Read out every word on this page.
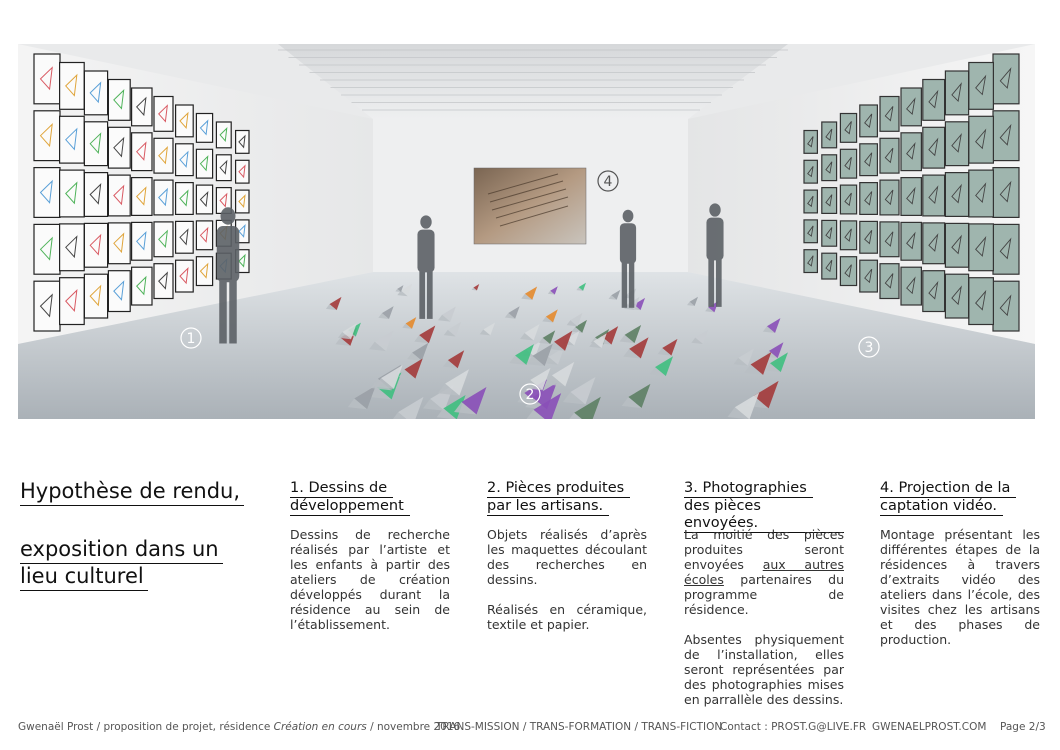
1
2
3
4
Hypothèse de rendu,
exposition dans un
lieu culturel
1. Dessins de
développement

Dessins de recherche réalisés par l’artiste et les enfants à partir des ateliers de création développés durant la résidence au sein de l’établissement.

2. Pièces produites
par les artisans.

Objets réalisés d’après les maquettes découlant des recherches en dessins.

Réalisés en céramique, textile et papier.

3. Photographies
des pièces envoyées.

La moitié des pièces produites seront envoyées aux autres écoles partenaires du programme de résidence.

Absentes physiquement de l’installation, elles seront représentées par des photographies mises en parrallèle des dessins.

4. Projection de la
captation vidéo.

Montage présentant les différentes étapes de la résidences à travers d’extraits vidéo des ateliers dans l’école, des visites chez les artisans et des phases de production.

Gwenaël Prost / proposition de projet, résidence Création en cours / novembre 2016
TRANS-MISSION / TRANS-FORMATION / TRANS-FICTION
Contact : PROST.G@LIVE.FR GWENAELPROST.COM Page 2/3
